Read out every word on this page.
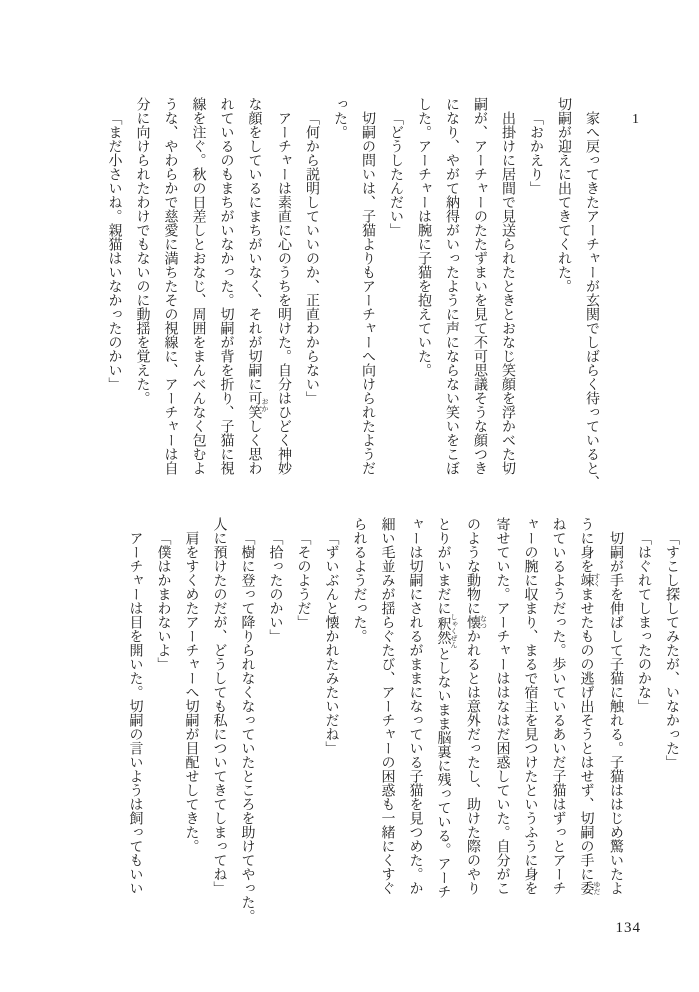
1
家へ戻ってきたアーチャーが玄関でしばらく待っていると、
切嗣が迎えに出てきてくれた。
「おかえり」
出掛けに居間で見送られたときとおなじ笑顔を浮かべた切
嗣が、アーチャーのたたずまいを見て不可思議そうな顔つき
になり、やがて納得がいったように声にならない笑いをこぼ
した。アーチャーは腕に子猫を抱えていた。
「どうしたんだい」
切嗣の問いは、子猫よりもアーチャーへ向けられたようだ
った。
「何から説明していいのか、正直わからない」
アーチャーは素直に心のうちを明けた。自分はひどく神妙
な顔をしているにまちがいなく、それが切嗣に可笑 おかしく思わ
れているのもまちがいなかった。切嗣が背を折り、子猫に視
線を注ぐ。秋の日差しとおなじ、周囲をまんべんなく包むよ
うな、やわらかで慈愛に満ちたその視線に、アーチャーは自
分に向けられたわけでもないのに動揺を覚えた。
「まだ小さいね。親猫はいなかったのかい」
「すこし探してみたが、いなかった」
「はぐれてしまったのかな」
切嗣が手を伸ばして子猫に触れる。子猫ははじめ驚いたよ
うに身を竦 すくませたものの逃げ出そうとはせず、切嗣の手に委 ゆだ
ねているようだった。歩いているあいだ子猫はずっとアーチ
ャーの腕に収まり、まるで宿主を見つけたというふうに身を
寄せていた。アーチャーははなはだ困惑していた。自分がこ
のような動物に懐 なつかれるとは意外だったし、助けた際のやり
とりがいまだに釈然 しゃくぜんとしないまま脳裏に残っている。アーチ
ャーは切嗣にされるがままになっている子猫を見つめた。か
細い毛並みが揺らぐたび、アーチャーの困惑も一緒にくすぐ
られるようだった。
「ずいぶんと懐かれたみたいだね」
「そのようだ」
「拾ったのかい」
「樹に登って降りられなくなっていたところを助けてやった。
人に預けたのだが、どうしても私についてきてしまってね」
肩をすくめたアーチャーへ切嗣が目配せしてきた。
「僕はかまわないよ」
アーチャーは目を開いた。切嗣の言いようは飼ってもいい
134
